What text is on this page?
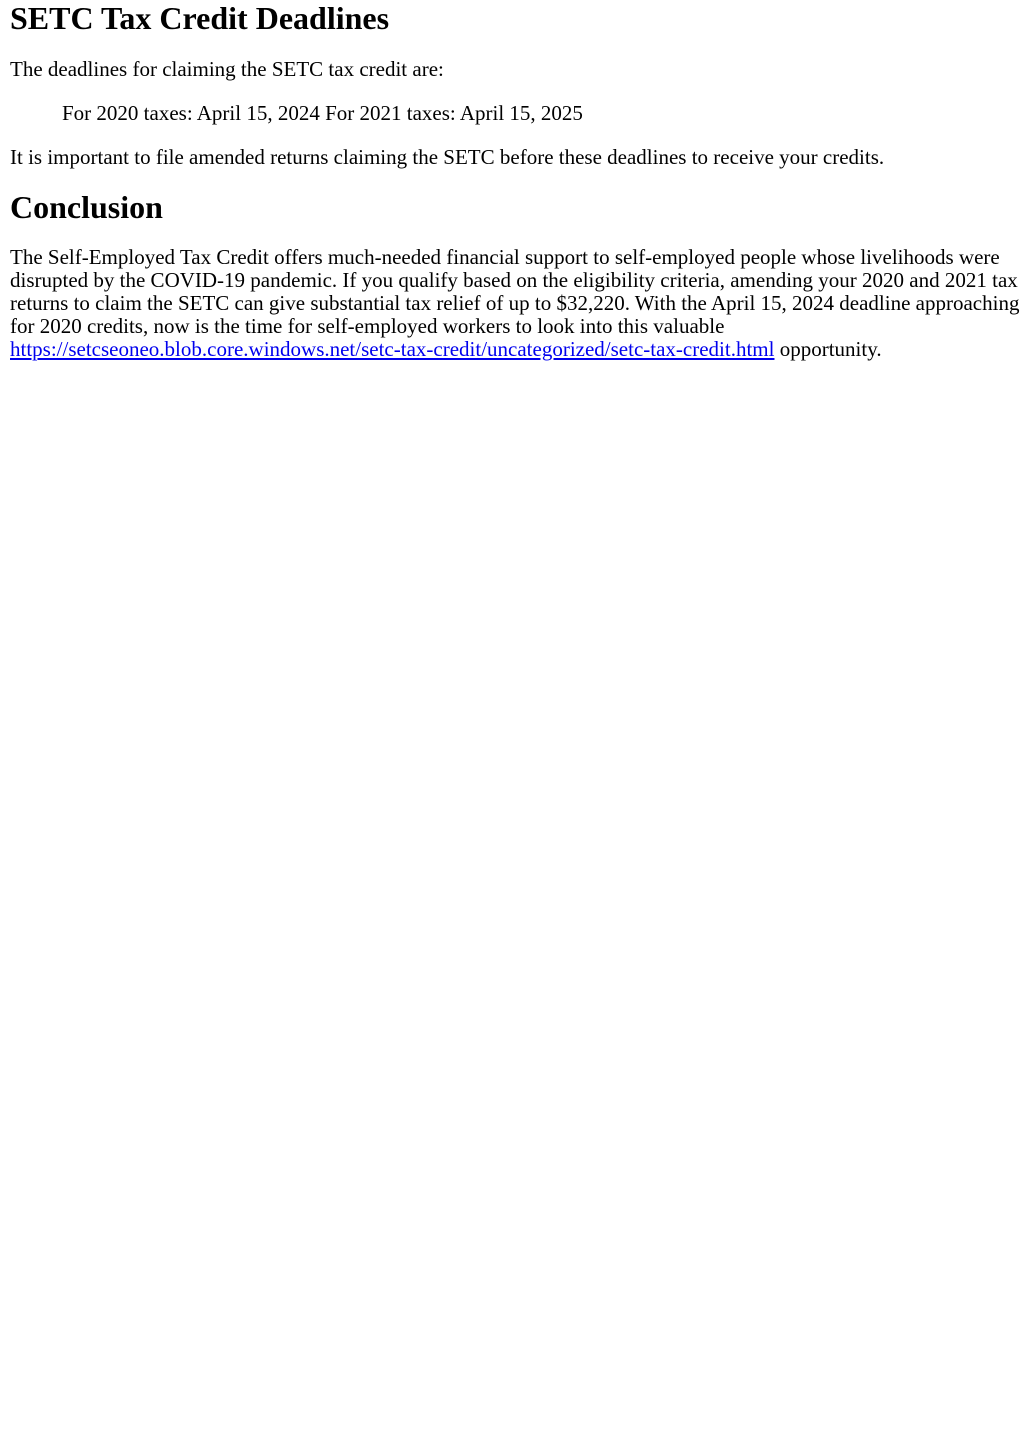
SETC Tax Credit Deadlines

The deadlines for claiming the SETC tax credit are:

For 2020 taxes: April 15, 2024 For 2021 taxes: April 15, 2025

It is important to file amended returns claiming the SETC before these deadlines to receive your credits.

Conclusion

The Self-Employed Tax Credit offers much-needed financial support to self-employed people whose livelihoods were disrupted by the COVID-19 pandemic. If you qualify based on the eligibility criteria, amending your 2020 and 2021 tax returns to claim the SETC can give substantial tax relief of up to $32,220. With the April 15, 2024 deadline approaching for 2020 credits, now is the time for self-employed workers to look into this valuable https://setcseoneo.blob.core.windows.net/setc-tax-credit/uncategorized/setc-tax-credit.html opportunity.
